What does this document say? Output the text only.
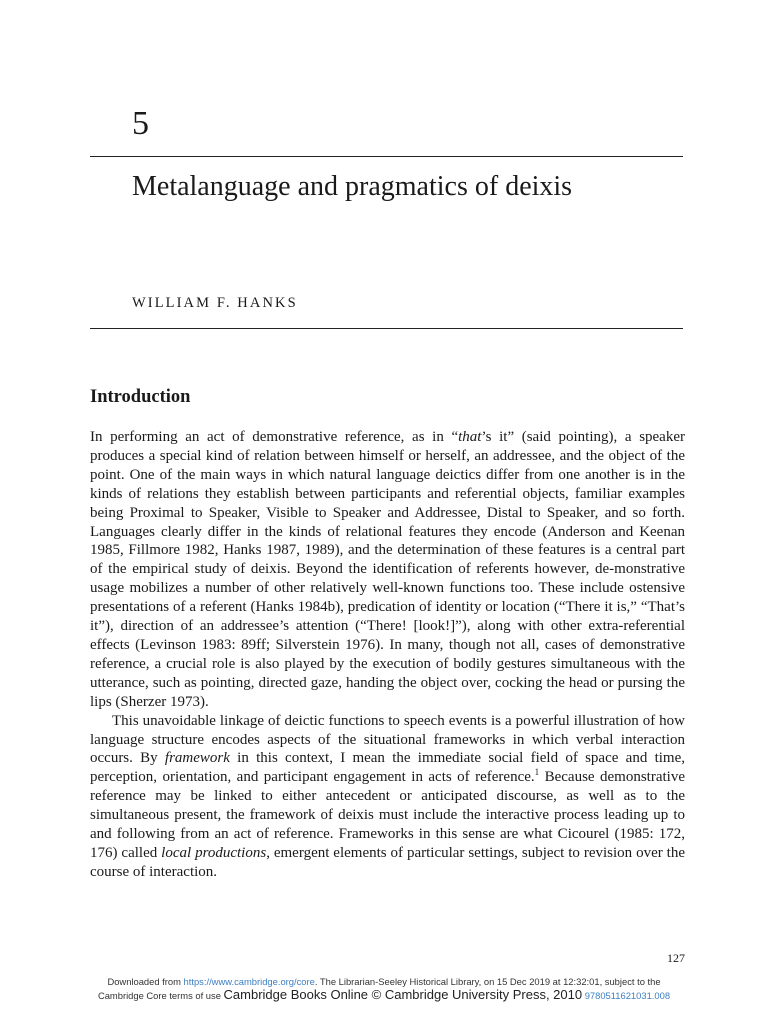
5
Metalanguage and pragmatics of deixis
WILLIAM F. HANKS
Introduction

In performing an act of demonstrative reference, as in “that’s it” (said pointing), a speaker produces a special kind of relation between himself or herself, an addressee, and the object of the point. One of the main ways in which natural language deictics differ from one another is in the kinds of relations they establish between participants and referential objects, familiar examples being Proximal to Speaker, Visible to Speaker and Addressee, Distal to Speaker, and so forth. Languages clearly differ in the kinds of relational features they encode (Anderson and Keenan 1985, Fillmore 1982, Hanks 1987, 1989), and the determination of these features is a central part of the empirical study of deixis. Beyond the identification of referents however, de-monstrative usage mobilizes a number of other relatively well-known functions too. These include ostensive presentations of a referent (Hanks 1984b), predication of identity or location (“There it is,” “That’s it”), direction of an addressee’s attention (“There! [look!]”), along with other extra-referential effects (Levinson 1983: 89ff; Silverstein 1976). In many, though not all, cases of demonstrative reference, a crucial role is also played by the execution of bodily gestures simultaneous with the utterance, such as pointing, directed gaze, handing the object over, cocking the head or pursing the lips (Sherzer 1973).

This unavoidable linkage of deictic functions to speech events is a powerful illustration of how language structure encodes aspects of the situational frameworks in which verbal interaction occurs. By framework in this context, I mean the immediate social field of space and time, perception, orientation, and participant engagement in acts of reference.$^1$ Because demonstrative reference may be linked to either antecedent or anticipated discourse, as well as to the simultaneous present, the framework of deixis must include the interactive process leading up to and following from an act of reference. Frameworks in this sense are what Cicourel (1985: 172, 176) called local productions, emergent elements of particular settings, subject to revision over the course of interaction.

127
Downloaded from https://www.cambridge.org/core. The Librarian-Seeley Historical Library, on 15 Dec 2019 at 12:32:01, subject to the
Cambridge Core terms of use Cambridge Books Online © Cambridge University Press, 2010 9780511621031.008
